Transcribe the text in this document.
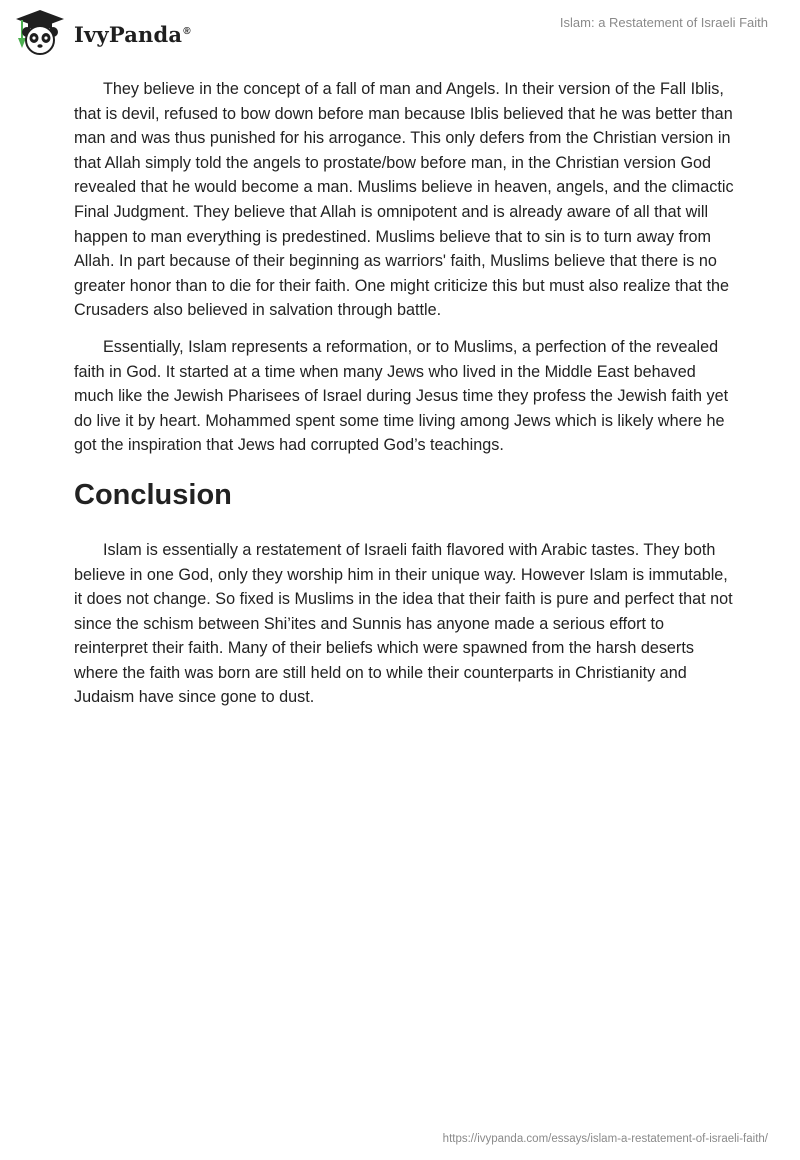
IvyPanda®
Islam: a Restatement of Israeli Faith

They believe in the concept of a fall of man and Angels. In their version of the Fall Iblis, that is devil, refused to bow down before man because Iblis believed that he was better than man and was thus punished for his arrogance. This only defers from the Christian version in that Allah simply told the angels to prostate/bow before man, in the Christian version God revealed that he would become a man. Muslims believe in heaven, angels, and the climactic Final Judgment. They believe that Allah is omnipotent and is already aware of all that will happen to man everything is predestined. Muslims believe that to sin is to turn away from Allah. In part because of their beginning as warriors' faith, Muslims believe that there is no greater honor than to die for their faith. One might criticize this but must also realize that the Crusaders also believed in salvation through battle.

Essentially, Islam represents a reformation, or to Muslims, a perfection of the revealed faith in God. It started at a time when many Jews who lived in the Middle East behaved much like the Jewish Pharisees of Israel during Jesus time they profess the Jewish faith yet do live it by heart. Mohammed spent some time living among Jews which is likely where he got the inspiration that Jews had corrupted God’s teachings.

Conclusion

Islam is essentially a restatement of Israeli faith flavored with Arabic tastes. They both believe in one God, only they worship him in their unique way. However Islam is immutable, it does not change. So fixed is Muslims in the idea that their faith is pure and perfect that not since the schism between Shi’ites and Sunnis has anyone made a serious effort to reinterpret their faith. Many of their beliefs which were spawned from the harsh deserts where the faith was born are still held on to while their counterparts in Christianity and Judaism have since gone to dust.

https://ivypanda.com/essays/islam-a-restatement-of-israeli-faith/
